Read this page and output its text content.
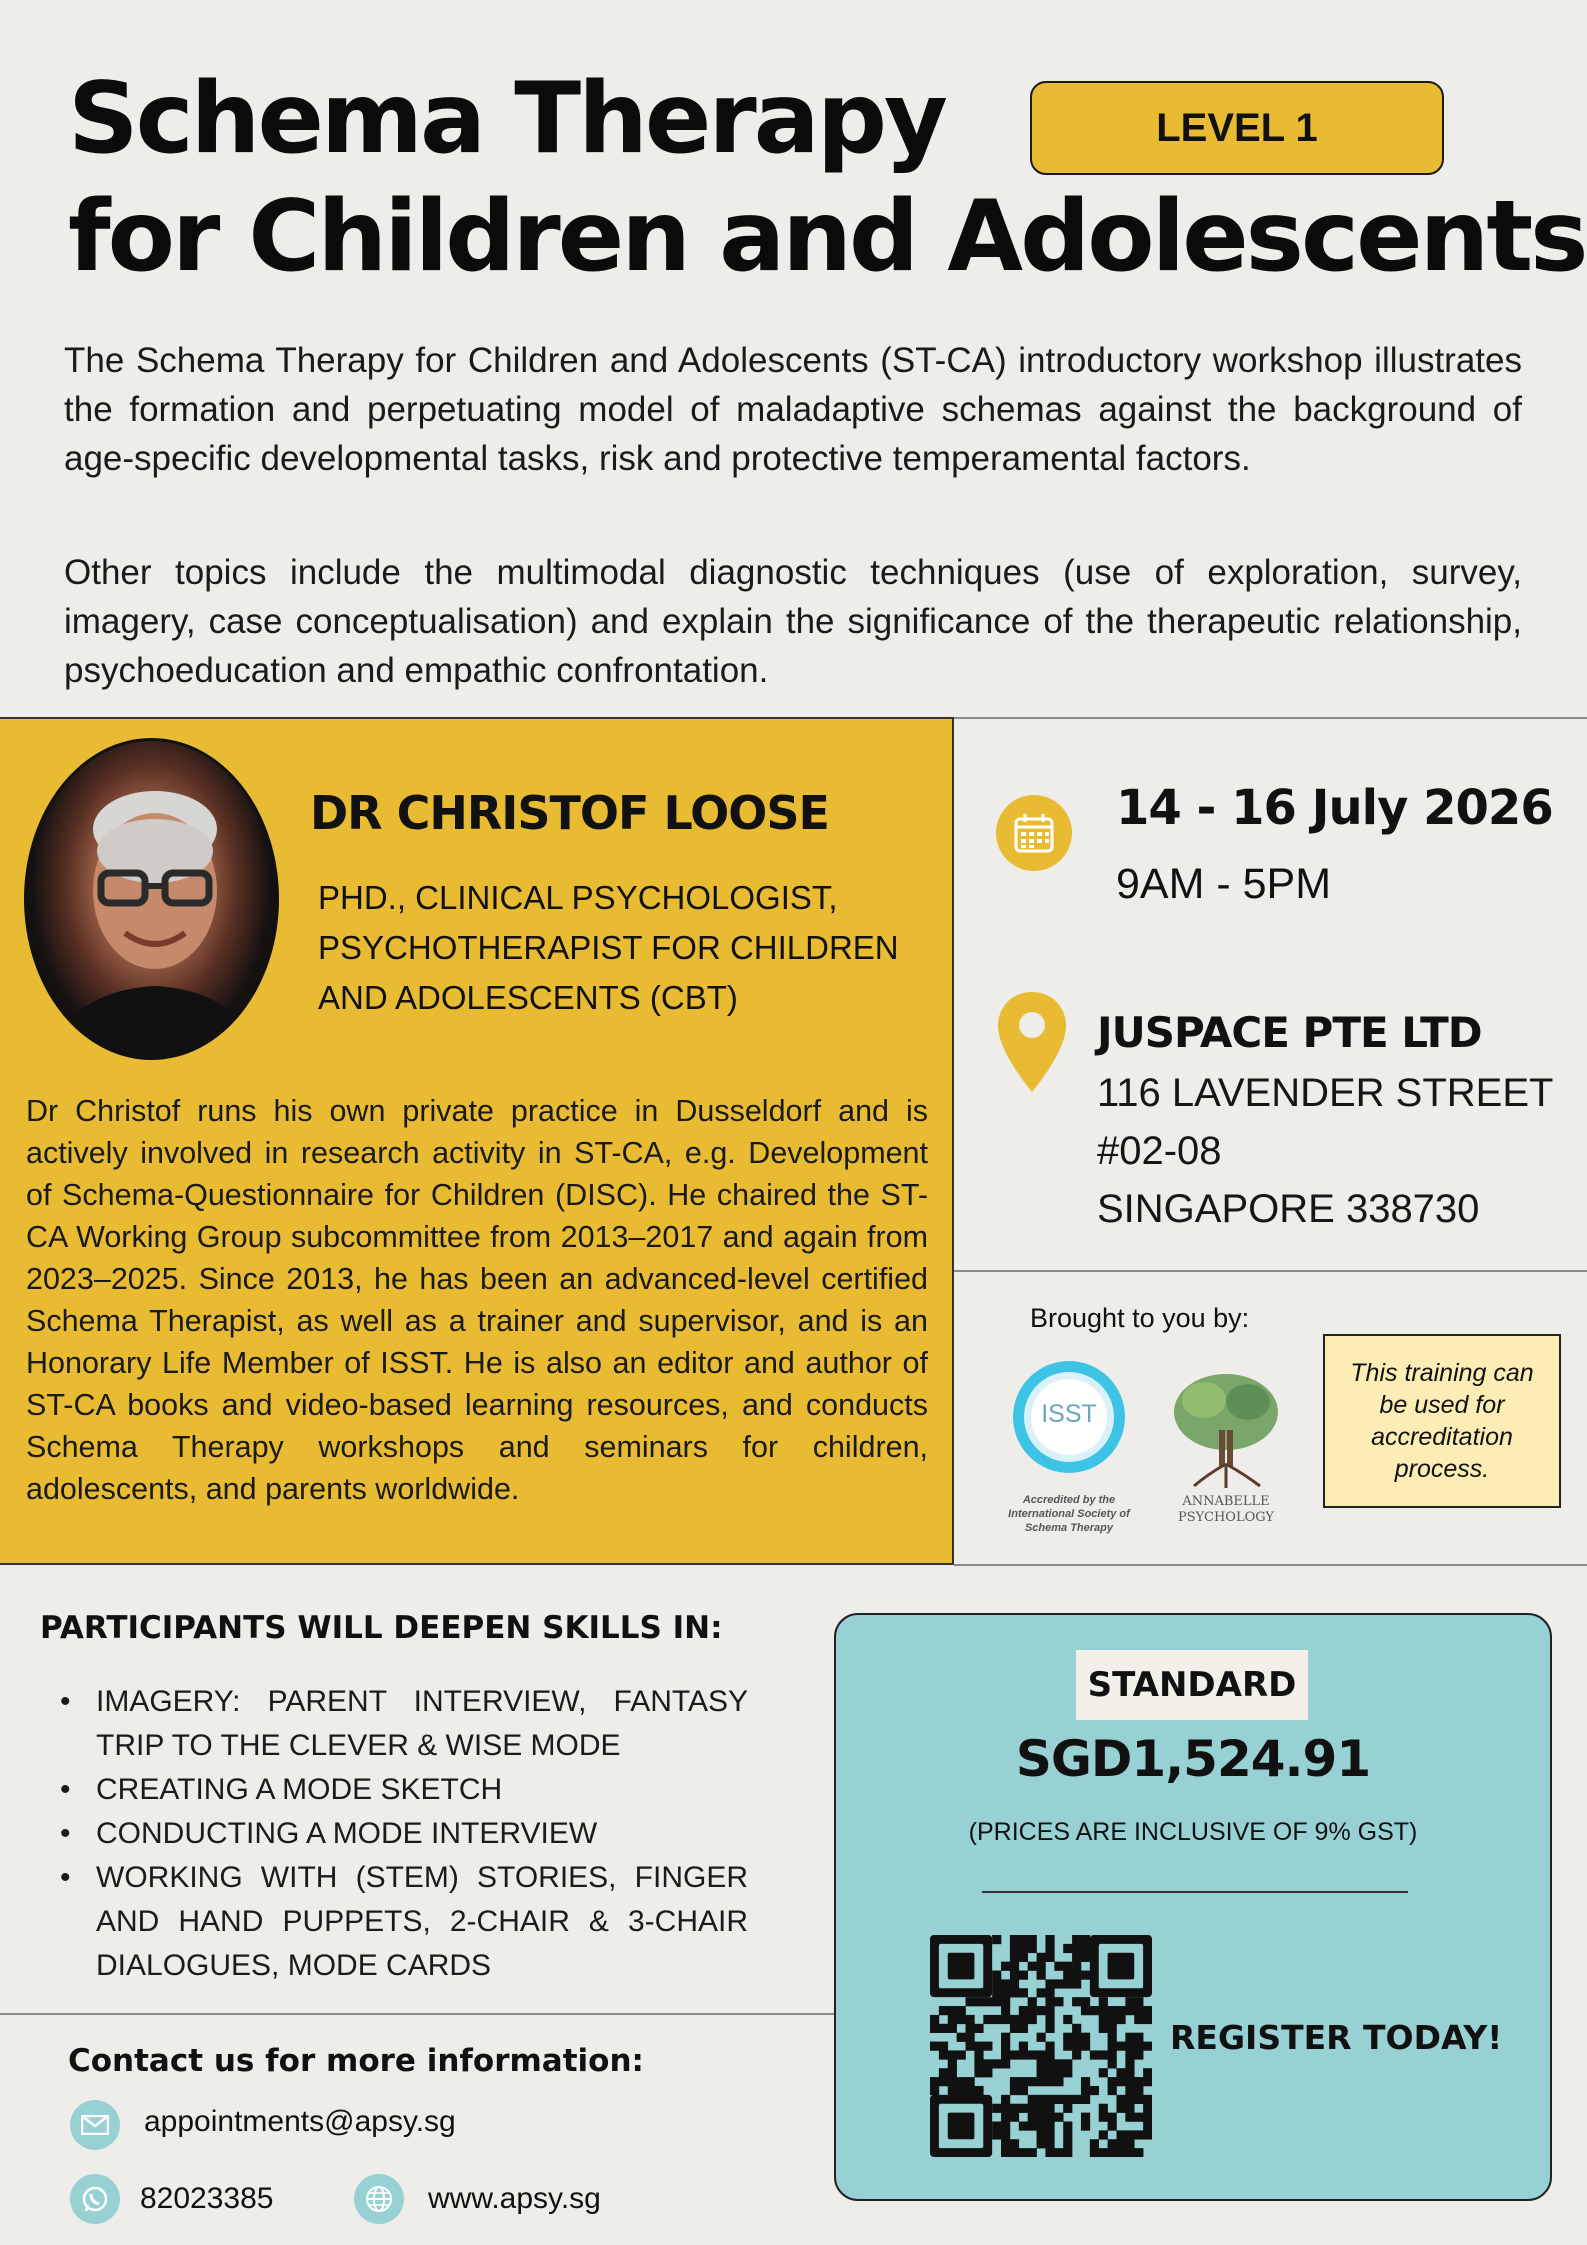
Schema Therapy
for Children and Adolescents
LEVEL 1

The Schema Therapy for Children and Adolescents (ST-CA) introductory workshop illustrates the formation and perpetuating model of maladaptive schemas against the background of age-specific developmental tasks, risk and protective temperamental factors.

Other topics include the multimodal diagnostic techniques (use of exploration, survey, imagery, case conceptualisation) and explain the significance of the therapeutic relationship, psychoeducation and empathic confrontation.

DR CHRISTOF LOOSE
PHD., CLINICAL PSYCHOLOGIST,
PSYCHOTHERAPIST FOR CHILDREN
AND ADOLESCENTS (CBT)

Dr Christof runs his own private practice in Dusseldorf and is actively involved in research activity in ST-CA, e.g. Development of Schema-Questionnaire for Children (DISC). He chaired the ST-CA Working Group subcommittee from 2013–2017 and again from 2023–2025. Since 2013, he has been an advanced-level certified Schema Therapist, as well as a trainer and supervisor, and is an Honorary Life Member of ISST. He is also an editor and author of ST-CA books and video-based learning resources, and conducts Schema Therapy workshops and seminars for children, adolescents, and parents worldwide.

14 - 16 July 2026
9AM - 5PM
JUSPACE PTE LTD
116 LAVENDER STREET
#02-08
SINGAPORE 338730
Brought to you by:
ISST
Accredited by the
International Society of
Schema Therapy
ANNABELLE
PSYCHOLOGY
This training can be used for accreditation process.
PARTICIPANTS WILL DEEPEN SKILLS IN:
• IMAGERY: PARENT INTERVIEW, FANTASY TRIP TO THE CLEVER & WISE MODE
• CREATING A MODE SKETCH
• CONDUCTING A MODE INTERVIEW
• WORKING WITH (STEM) STORIES, FINGER AND HAND PUPPETS, 2-CHAIR & 3-CHAIR DIALOGUES, MODE CARDS
STANDARD
SGD1,524.91
(PRICES ARE INCLUSIVE OF 9% GST)
REGISTER TODAY!
Contact us for more information:
appointments@apsy.sg
82023385	www.apsy.sg
